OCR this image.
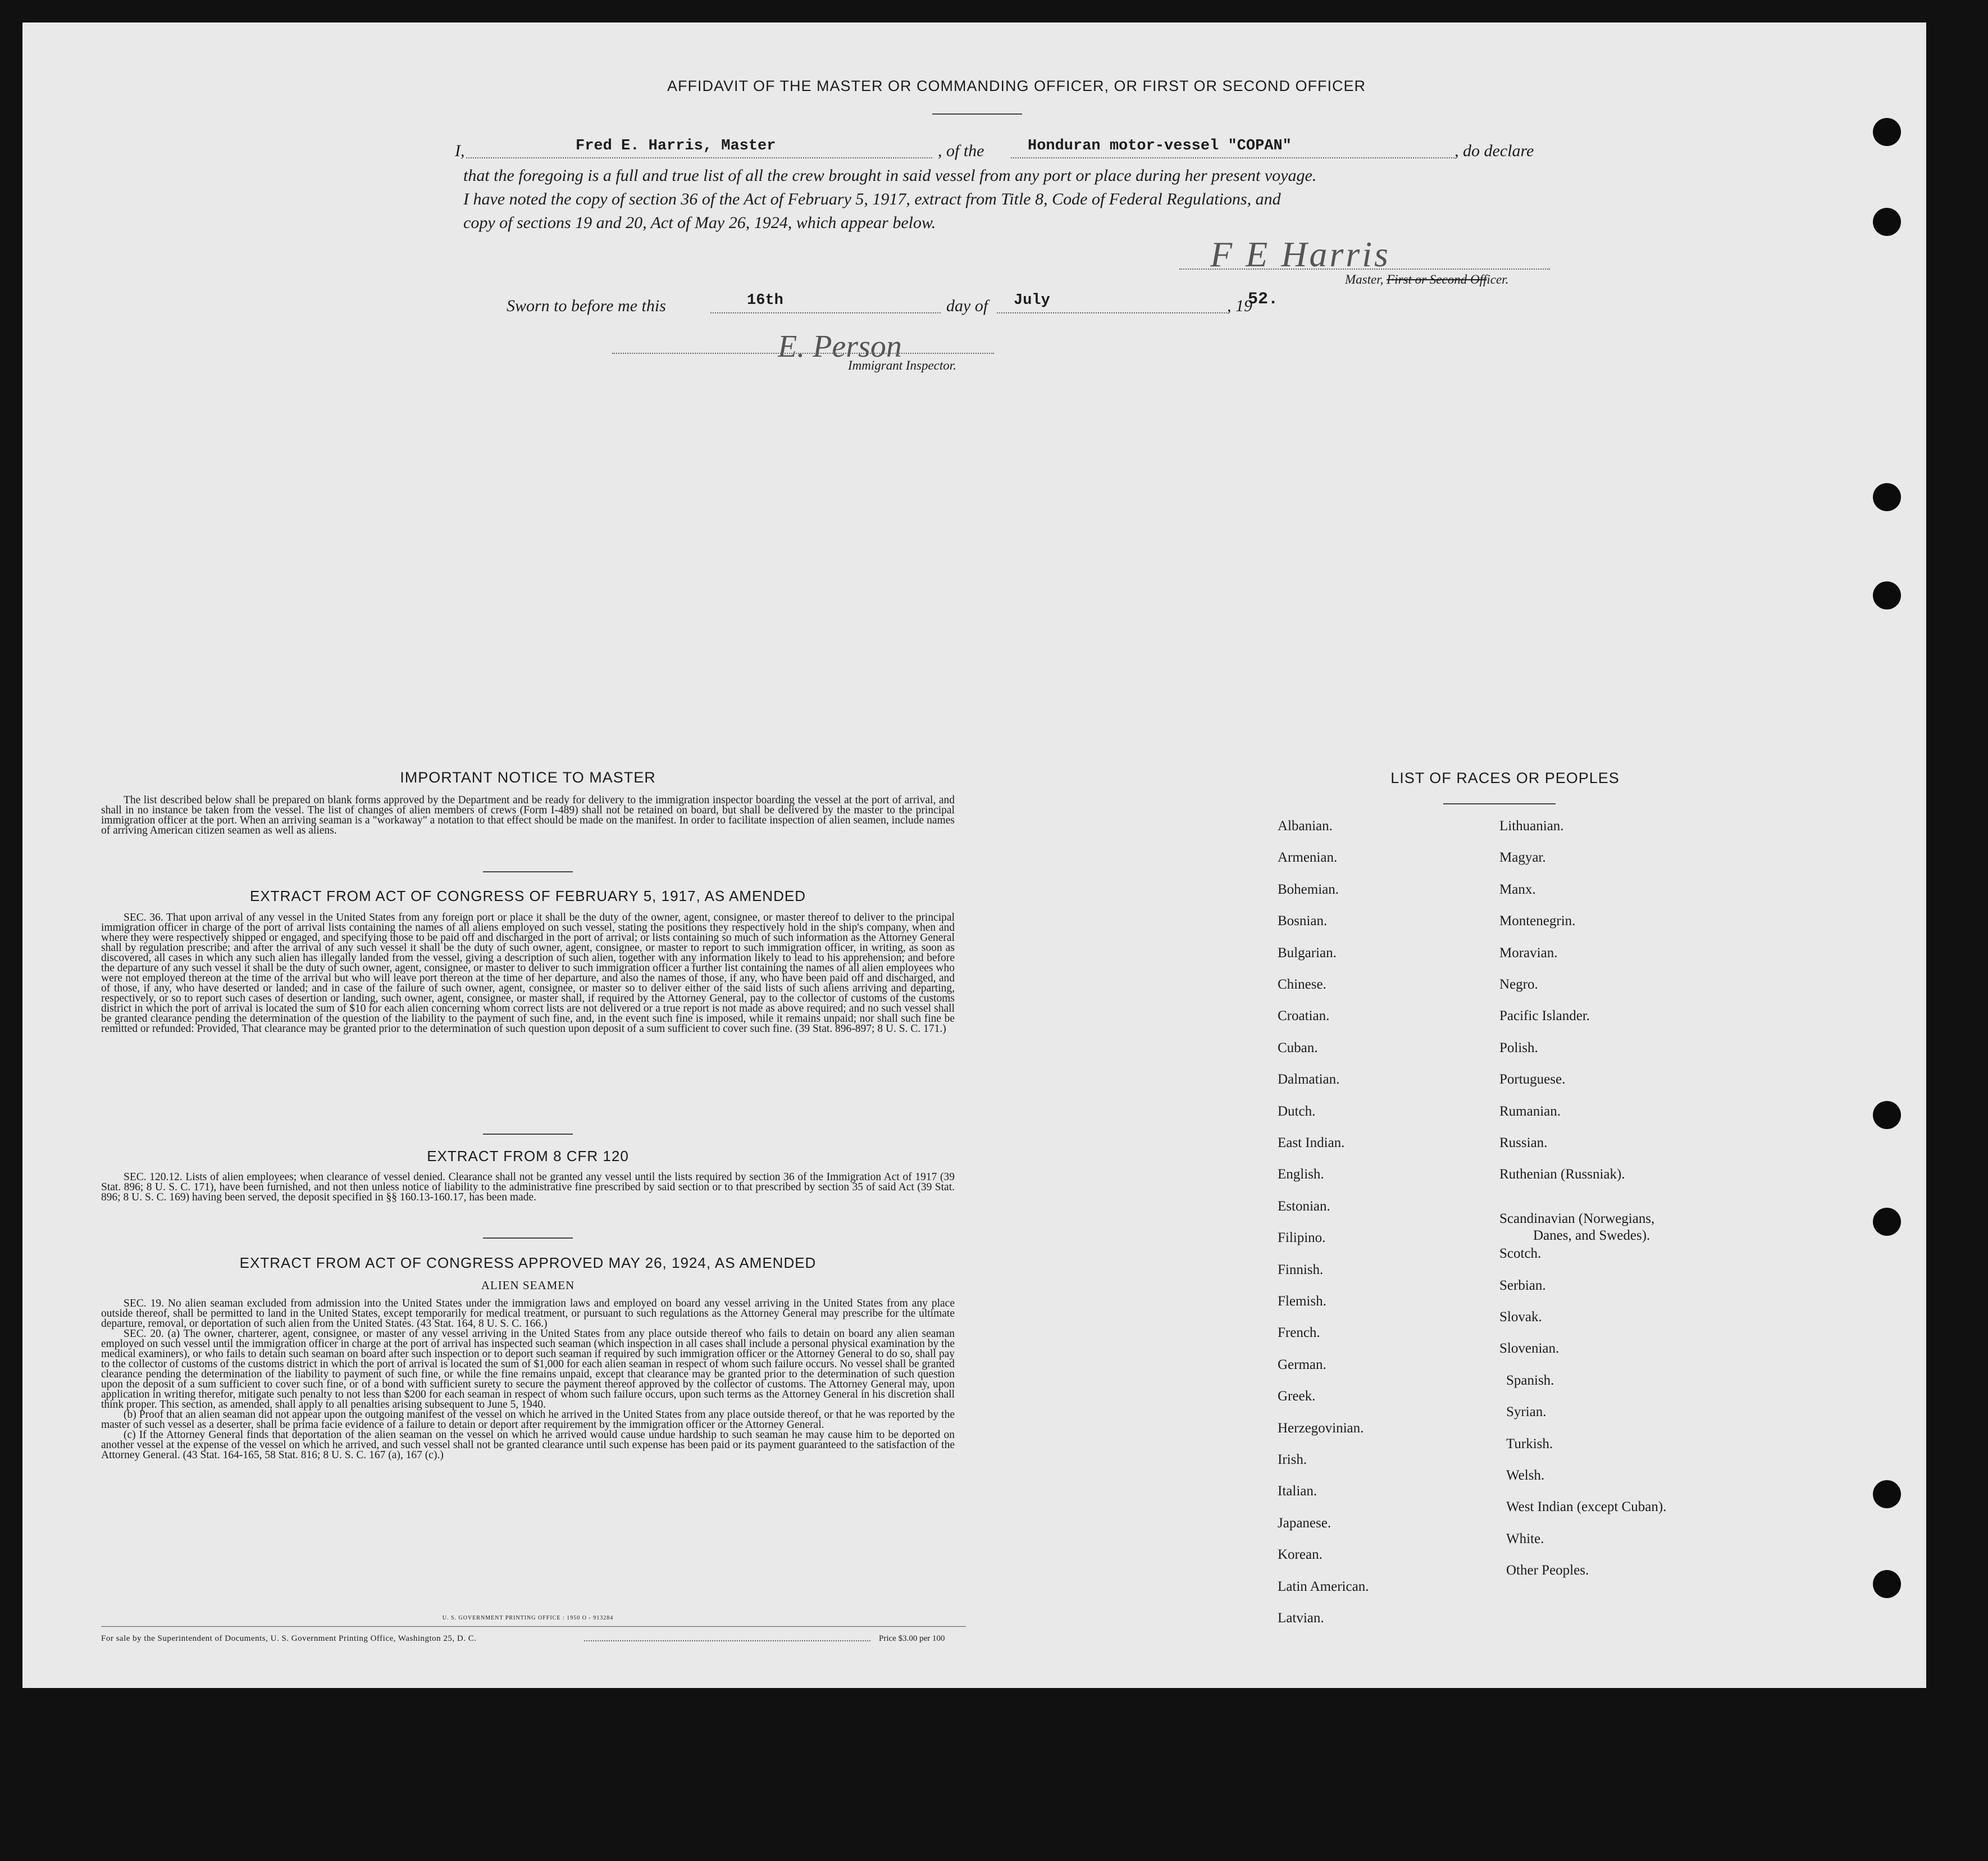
AFFIDAVIT OF THE MASTER OR COMMANDING OFFICER, OR FIRST OR SECOND OFFICER
I,	Fred E. Harris, Master	, of the	Honduran motor-vessel "COPAN"	, do declare
that the foregoing is a full and true list of all the crew brought in said vessel from any port or place during her present voyage.
I have noted the copy of section 36 of the Act of February 5, 1917, extract from Title 8, Code of Federal Regulations, and
copy of sections 19 and 20, Act of May 26, 1924, which appear below.
F E Harris
Master, First or Second Officer.
Sworn to before me this	16th	day of July	, 19
52.
E. Person
Immigrant Inspector.
IMPORTANT NOTICE TO MASTER
The list described below shall be prepared on blank forms approved by the Department and be ready for delivery to the immigration inspector boarding the vessel at the port of arrival, and shall in no instance be taken from the vessel. The list of changes of alien members of crews (Form I-489) shall not be retained on board, but shall be delivered by the master to the principal immigration officer at the port. When an arriving seaman is a "workaway" a notation to that effect should be made on the manifest. In order to facilitate inspection of alien seamen, include names of arriving American citizen seamen as well as aliens.
EXTRACT FROM ACT OF CONGRESS OF FEBRUARY 5, 1917, AS AMENDED
SEC. 36. That upon arrival of any vessel in the United States from any foreign port or place it shall be the duty of the owner, agent, consignee, or master thereof to deliver to the principal immigration officer in charge of the port of arrival lists containing the names of all aliens employed on such vessel, stating the positions they respectively hold in the ship's company, when and where they were respectively shipped or engaged, and specifying those to be paid off and discharged in the port of arrival; or lists containing so much of such information as the Attorney General shall by regulation prescribe; and after the arrival of any such vessel it shall be the duty of such owner, agent, consignee, or master to report to such immigration officer, in writing, as soon as discovered, all cases in which any such alien has illegally landed from the vessel, giving a description of such alien, together with any information likely to lead to his apprehension; and before the departure of any such vessel it shall be the duty of such owner, agent, consignee, or master to deliver to such immigration officer a further list containing the names of all alien employees who were not employed thereon at the time of the arrival but who will leave port thereon at the time of her departure, and also the names of those, if any, who have been paid off and discharged, and of those, if any, who have deserted or landed; and in case of the failure of such owner, agent, consignee, or master so to deliver either of the said lists of such aliens arriving and departing, respectively, or so to report such cases of desertion or landing, such owner, agent, consignee, or master shall, if required by the Attorney General, pay to the collector of customs of the customs district in which the port of arrival is located the sum of $10 for each alien concerning whom correct lists are not delivered or a true report is not made as above required; and no such vessel shall be granted clearance pending the determination of the question of the liability to the payment of such fine, and, in the event such fine is imposed, while it remains unpaid; nor shall such fine be remitted or refunded: Provided, That clearance may be granted prior to the determination of such question upon deposit of a sum sufficient to cover such fine. (39 Stat. 896-897; 8 U. S. C. 171.)
EXTRACT FROM 8 CFR 120
SEC. 120.12. Lists of alien employees; when clearance of vessel denied. Clearance shall not be granted any vessel until the lists required by section 36 of the Immigration Act of 1917 (39 Stat. 896; 8 U. S. C. 171), have been furnished, and not then unless notice of liability to the administrative fine prescribed by said section or to that prescribed by section 35 of said Act (39 Stat. 896; 8 U. S. C. 169) having been served, the deposit specified in §§ 160.13-160.17, has been made.
EXTRACT FROM ACT OF CONGRESS APPROVED MAY 26, 1924, AS AMENDED
ALIEN SEAMEN
SEC. 19. No alien seaman excluded from admission into the United States under the immigration laws and employed on board any vessel arriving in the United States from any place outside thereof, shall be permitted to land in the United States, except temporarily for medical treatment, or pursuant to such regulations as the Attorney General may prescribe for the ultimate departure, removal, or deportation of such alien from the United States. (43 Stat. 164, 8 U. S. C. 166.)
SEC. 20. (a) The owner, charterer, agent, consignee, or master of any vessel arriving in the United States from any place outside thereof who fails to detain on board any alien seaman employed on such vessel until the immigration officer in charge at the port of arrival has inspected such seaman (which inspection in all cases shall include a personal physical examination by the medical examiners), or who fails to detain such seaman on board after such inspection or to deport such seaman if required by such immigration officer or the Attorney General to do so, shall pay to the collector of customs of the customs district in which the port of arrival is located the sum of $1,000 for each alien seaman in respect of whom such failure occurs. No vessel shall be granted clearance pending the determination of the liability to payment of such fine, or while the fine remains unpaid, except that clearance may be granted prior to the determination of such question upon the deposit of a sum sufficient to cover such fine, or of a bond with sufficient surety to secure the payment thereof approved by the collector of customs. The Attorney General may, upon application in writing therefor, mitigate such penalty to not less than $200 for each seaman in respect of whom such failure occurs, upon such terms as the Attorney General in his discretion shall think proper. This section, as amended, shall apply to all penalties arising subsequent to June 5, 1940.
(b) Proof that an alien seaman did not appear upon the outgoing manifest of the vessel on which he arrived in the United States from any place outside thereof, or that he was reported by the master of such vessel as a deserter, shall be prima facie evidence of a failure to detain or deport after requirement by the immigration officer or the Attorney General.
(c) If the Attorney General finds that deportation of the alien seaman on the vessel on which he arrived would cause undue hardship to such seaman he may cause him to be deported on another vessel at the expense of the vessel on which he arrived, and such vessel shall not be granted clearance until such expense has been paid or its payment guaranteed to the satisfaction of the Attorney General. (43 Stat. 164-165, 58 Stat. 816; 8 U. S. C. 167 (a), 167 (c).)
U. S. GOVERNMENT PRINTING OFFICE : 1950 O - 913284
For sale by the Superintendent of Documents, U. S. Government Printing Office, Washington 25, D. C.	Price $3.00 per 100
LIST OF RACES OR PEOPLES
Albanian.
Armenian.
Bohemian.
Bosnian.
Bulgarian.
Chinese.
Croatian.
Cuban.
Dalmatian.
Dutch.
East Indian.
English.
Estonian.
Filipino.
Finnish.
Flemish.
French.
German.
Greek.
Herzegovinian.
Irish.
Italian.
Japanese.
Korean.
Latin American.
Latvian.
Lithuanian.
Magyar.
Manx.
Montenegrin.
Moravian.
Negro.
Pacific Islander.
Polish.
Portuguese.
Rumanian.
Russian.
Ruthenian (Russniak).
Scandinavian (Norwegians,
Danes, and Swedes).
Scotch.
Serbian.
Slovak.
Slovenian.
Spanish.
Syrian.
Turkish.
Welsh.
West Indian (except Cuban).
White.
Other Peoples.
